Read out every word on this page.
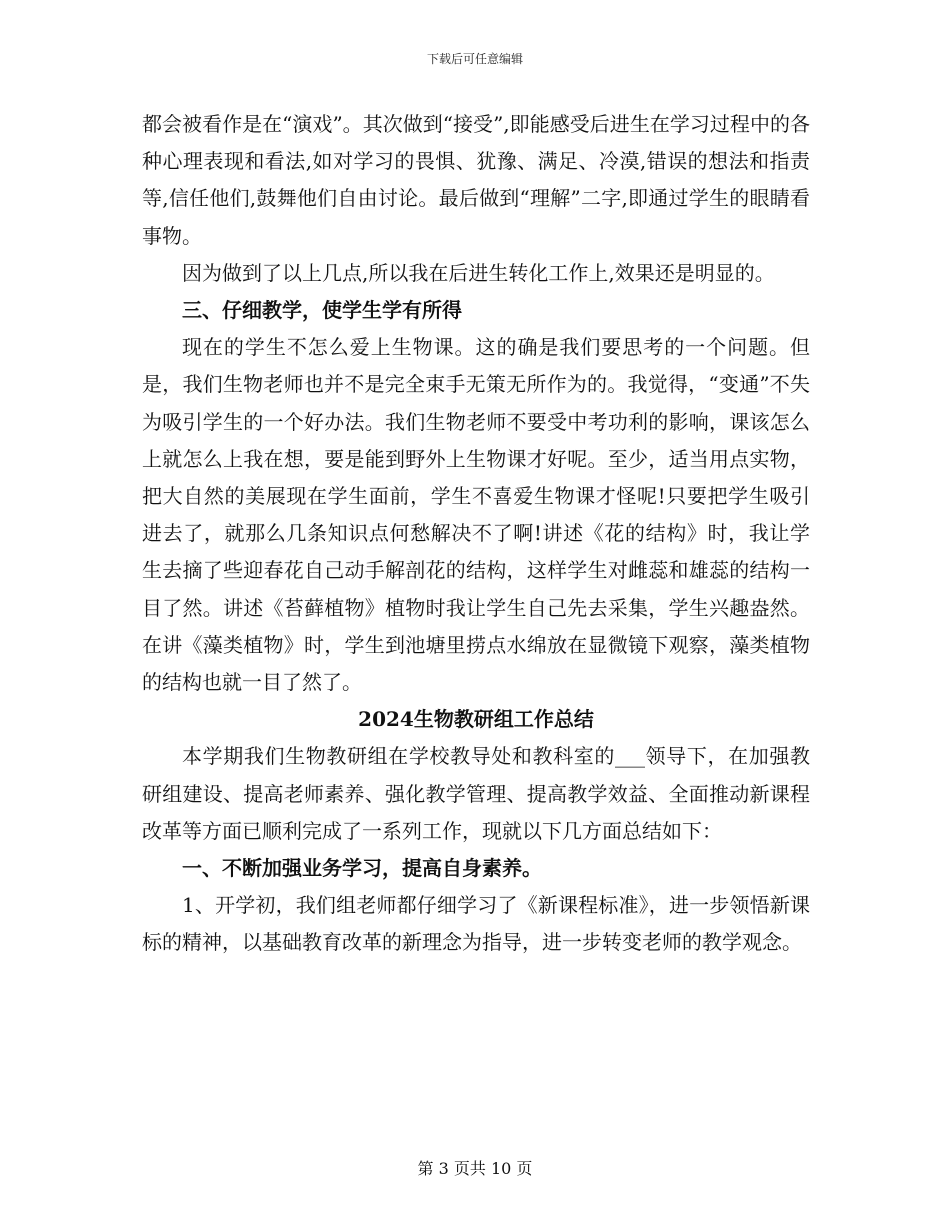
下载后可任意编辑

都会被看作是在“演戏”。其次做到“接受”,即能感受后进生在学习过程中的各种心理表现和看法,如对学习的畏惧、犹豫、满足、冷漠,错误的想法和指责等,信任他们,鼓舞他们自由讨论。最后做到“理解”二字,即通过学生的眼睛看事物。

因为做到了以上几点,所以我在后进生转化工作上,效果还是明显的。

三、仔细教学，使学生学有所得

现在的学生不怎么爱上生物课。这的确是我们要思考的一个问题。但是，我们生物老师也并不是完全束手无策无所作为的。我觉得，“变通”不失为吸引学生的一个好办法。我们生物老师不要受中考功利的影响，课该怎么上就怎么上我在想，要是能到野外上生物课才好呢。至少，适当用点实物，把大自然的美展现在学生面前，学生不喜爱生物课才怪呢!只要把学生吸引进去了，就那么几条知识点何愁解决不了啊!讲述《花的结构》时，我让学生去摘了些迎春花自己动手解剖花的结构，这样学生对雌蕊和雄蕊的结构一目了然。讲述《苔藓植物》植物时我让学生自己先去采集，学生兴趣盎然。在讲《藻类植物》时，学生到池塘里捞点水绵放在显微镜下观察，藻类植物的结构也就一目了然了。

2024生物教研组工作总结

本学期我们生物教研组在学校教导处和教科室的___领导下，在加强教研组建设、提高老师素养、强化教学管理、提高教学效益、全面推动新课程改革等方面已顺利完成了一系列工作，现就以下几方面总结如下：

一、不断加强业务学习，提高自身素养。

1、开学初，我们组老师都仔细学习了《新课程标准》，进一步领悟新课标的精神，以基础教育改革的新理念为指导，进一步转变老师的教学观念。

第 3 页共 10 页
